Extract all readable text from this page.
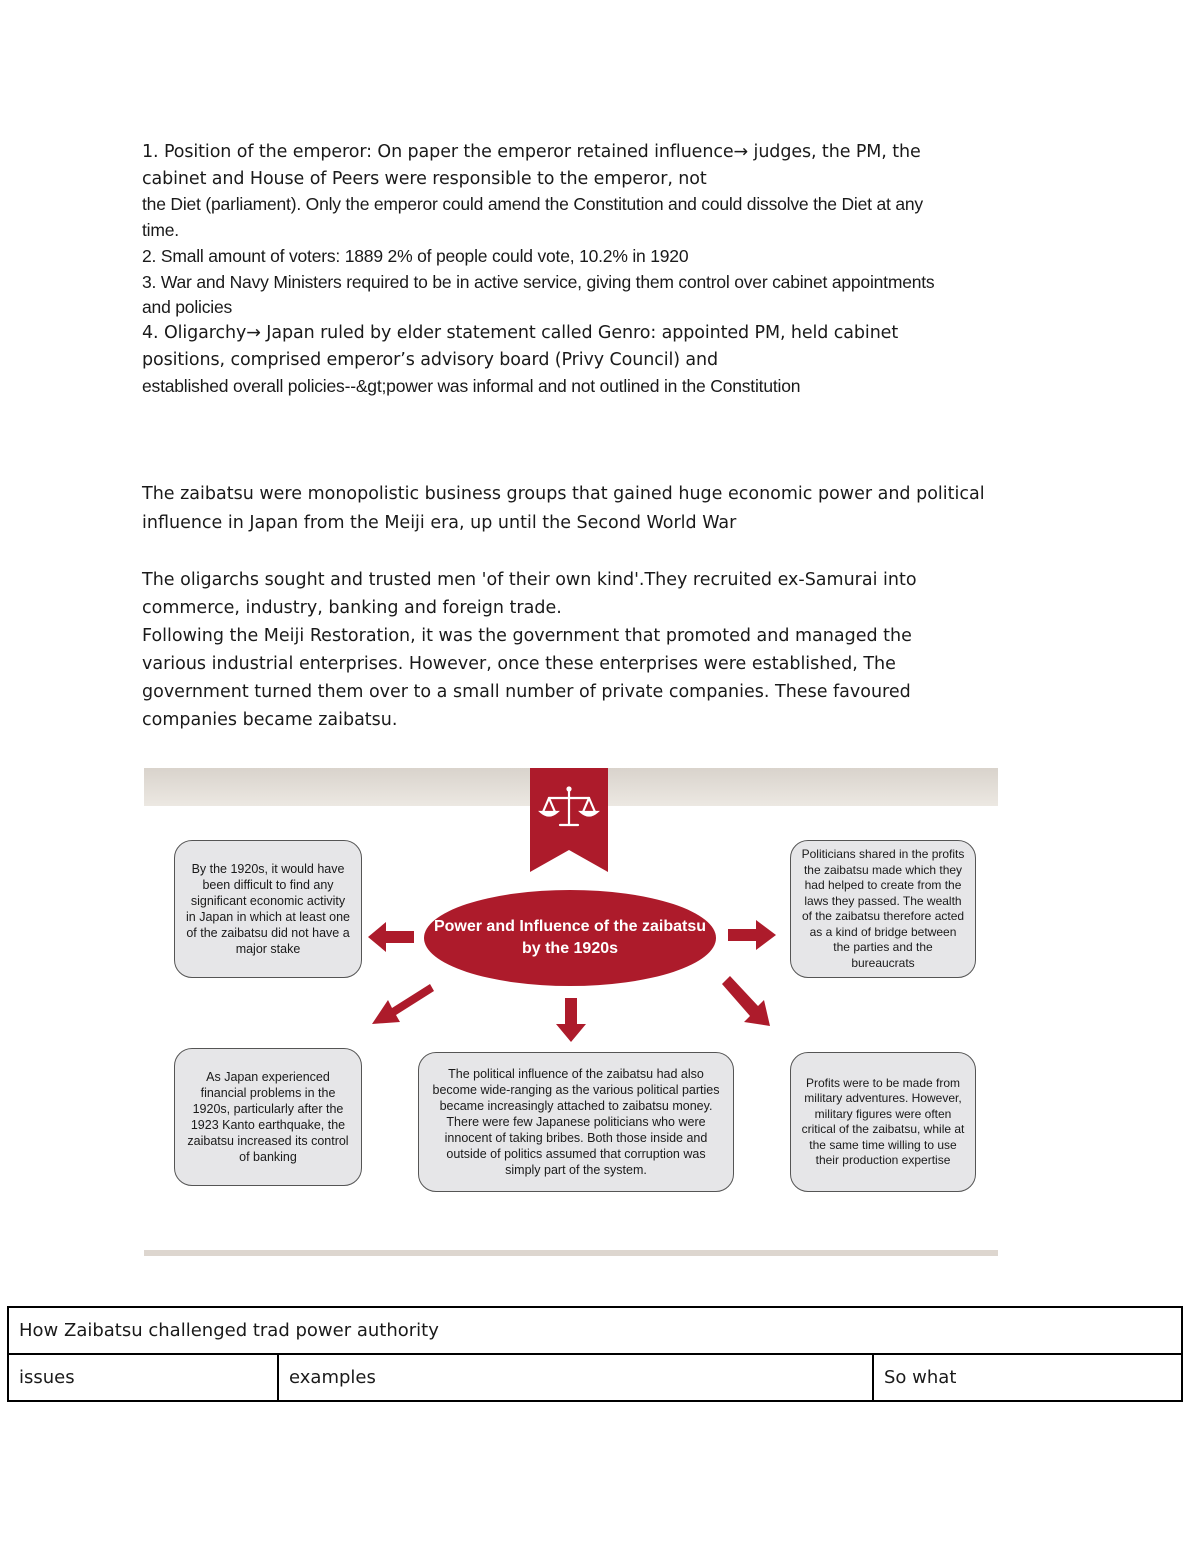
1. Position of the emperor: On paper the emperor retained influence→ judges, the PM, the

cabinet and House of Peers were responsible to the emperor, not

the Diet (parliament). Only the emperor could amend the Constitution and could dissolve the Diet at any

time.

2. Small amount of voters: 1889 2% of people could vote, 10.2% in 1920

3. War and Navy Ministers required to be in active service, giving them control over cabinet appointments

and policies

4. Oligarchy→ Japan ruled by elder statement called Genro: appointed PM, held cabinet

positions, comprised emperor’s advisory board (Privy Council) and

established overall policies--&gt;power was informal and not outlined in the Constitution

The zaibatsu were monopolistic business groups that gained huge economic power and political

influence in Japan from the Meiji era, up until the Second World War

The oligarchs sought and trusted men 'of their own kind'.They recruited ex-Samurai into

commerce, industry, banking and foreign trade.

Following the Meiji Restoration, it was the government that promoted and managed the

various industrial enterprises. However, once these enterprises were established, The

government turned them over to a small number of private companies. These favoured

companies became zaibatsu.

Power and Influence of the zaibatsu by the 1920s
By the 1920s, it would have been difficult to find any significant economic activity in Japan in which at least one of the zaibatsu did not have a major stake
Politicians shared in the profits the zaibatsu made which they had helped to create from the laws they passed. The wealth of the zaibatsu therefore acted as a kind of bridge between the parties and the bureaucrats
As Japan experienced financial problems in the 1920s, particularly after the 1923 Kanto earthquake, the zaibatsu increased its control of banking
The political influence of the zaibatsu had also become wide-ranging as the various political parties became increasingly attached to zaibatsu money. There were few Japanese politicians who were innocent of taking bribes. Both those inside and outside of politics assumed that corruption was simply part of the system.
Profits were to be made from military adventures. However, military figures were often critical of the zaibatsu, while at the same time willing to use their production expertise
How Zaibatsu challenged trad power authority
issues	examples	So what
